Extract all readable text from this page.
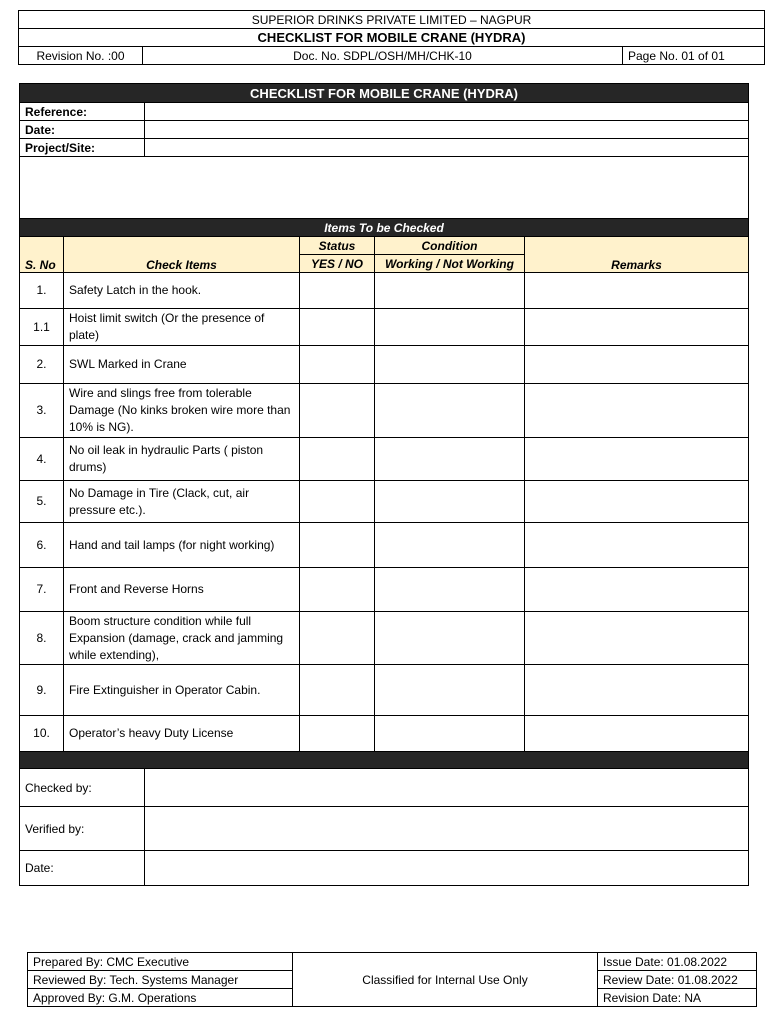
SUPERIOR DRINKS PRIVATE LIMITED – NAGPUR
CHECKLIST FOR MOBILE CRANE (HYDRA)
Revision No. :00	Doc. No. SDPL/OSH/MH/CHK-10	Page No. 01 of 01
CHECKLIST FOR MOBILE CRANE (HYDRA)					
Reference:					
Date:					
Project/Site:					

Items To be Checked					
S. No	Check Items		Status	Condition	Remarks
			YES / NO	Working / Not Working	
1.	Safety Latch in the hook.				
1.1	Hoist limit switch (Or the presence of plate)				
2.	SWL Marked in Crane				
3.	Wire and slings free from tolerable Damage (No kinks broken wire more than 10% is NG).				
4.	No oil leak in hydraulic Parts ( piston drums)				
5.	No Damage in Tire (Clack, cut, air pressure etc.).				
6.	Hand and tail lamps (for night working)				
7.	Front and Reverse Horns				
8.	Boom structure condition while full Expansion (damage, crack and jamming while extending),				
9.	Fire Extinguisher in Operator Cabin.				
10.	Operator’s heavy Duty License				

Checked by:					
Verified by:					
Date:					
Prepared By: CMC Executive	Classified for Internal Use Only	Issue Date: 01.08.2022
Reviewed By: Tech. Systems Manager		Review Date: 01.08.2022
Approved By: G.M. Operations		Revision Date: NA
